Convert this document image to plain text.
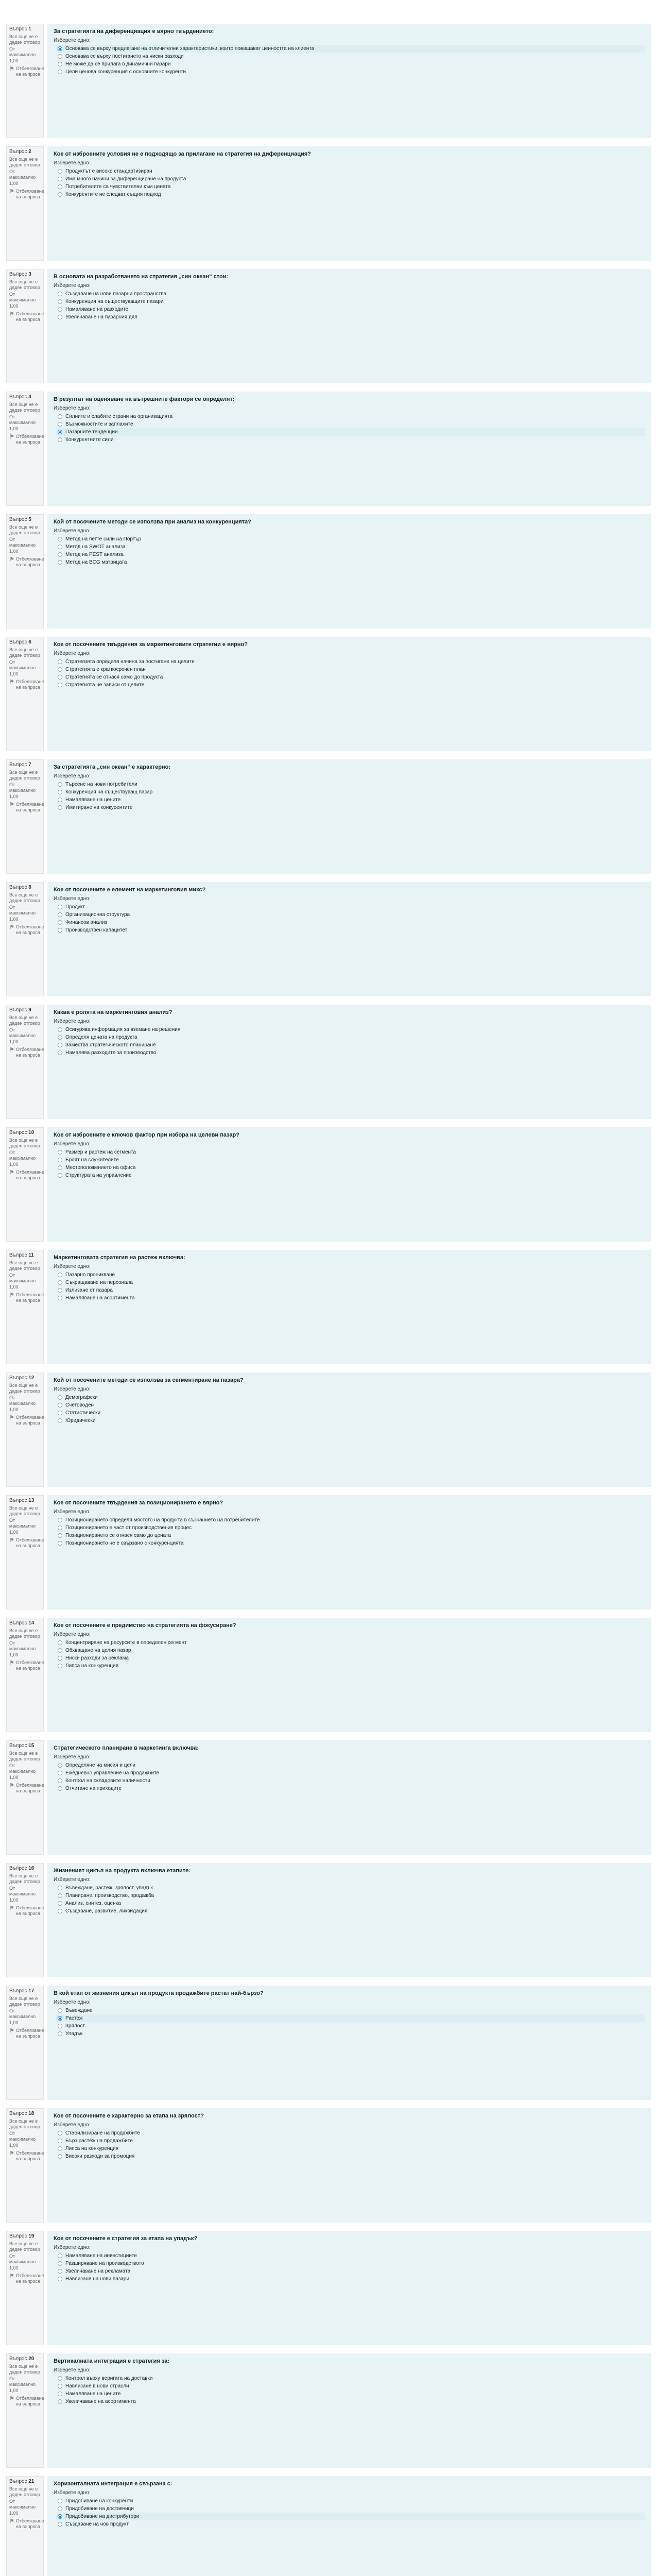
Въпрос 1
Все още не е даден отговор
От максимално 1,00
⚑ Отбелязване на въпроса
За стратегията на диференциация е вярно твърдението:
Изберете едно:
Основава се върху предлагане на отличителни характеристики, които повишават ценността на клиента
Основава се върху постигането на ниски разходи
Не може да се прилага в динамични пазари
Цели ценова конкуренция с основните конкуренти
Въпрос 2
Все още не е даден отговор
От максимално 1,00
⚑ Отбелязване на въпроса
Кое от изброените условия не е подходящо за прилагане на стратегия на диференциация?
Изберете едно:
Продуктът е високо стандартизиран
Има много начини за диференциране на продукта
Потребителите са чувствителни към цената
Конкурентите не следват същия подход
Въпрос 3
Все още не е даден отговор
От максимално 1,00
⚑ Отбелязване на въпроса
В основата на разработването на стратегия „син океан“ стои:
Изберете едно:
Създаване на нови пазарни пространства
Конкуренция на съществуващите пазари
Намаляване на разходите
Увеличаване на пазарния дял
Въпрос 4
Все още не е даден отговор
От максимално 1,00
⚑ Отбелязване на въпроса
В резултат на оценяване на вътрешните фактори се определят:
Изберете едно:
Силните и слабите страни на организацията
Възможностите и заплахите
Пазарните тенденции
Конкурентните сили
Въпрос 5
Все още не е даден отговор
От максимално 1,00
⚑ Отбелязване на въпроса
Кой от посочените методи се използва при анализ на конкуренцията?
Изберете едно:
Метод на петте сили на Портър
Метод на SWOT анализа
Метод на PEST анализа
Метод на BCG матрицата
Въпрос 6
Все още не е даден отговор
От максимално 1,00
⚑ Отбелязване на въпроса
Кое от посочените твърдения за маркетинговите стратегии е вярно?
Изберете едно:
Стратегията определя начина за постигане на целите
Стратегията е краткосрочен план
Стратегията се отнася само до продукта
Стратегията не зависи от целите
Въпрос 7
Все още не е даден отговор
От максимално 1,00
⚑ Отбелязване на въпроса
За стратегията „син океан“ е характерно:
Изберете едно:
Търсене на нови потребители
Конкуренция на съществуващ пазар
Намаляване на цените
Имитиране на конкурентите
Въпрос 8
Все още не е даден отговор
От максимално 1,00
⚑ Отбелязване на въпроса
Кое от посочените е елемент на маркетинговия микс?
Изберете едно:
Продукт
Организационна структура
Финансов анализ
Производствен капацитет
Въпрос 9
Все още не е даден отговор
От максимално 1,00
⚑ Отбелязване на въпроса
Каква е ролята на маркетинговия анализ?
Изберете едно:
Осигурява информация за вземане на решения
Определя цената на продукта
Замества стратегическото планиране
Намалява разходите за производство
Въпрос 10
Все още не е даден отговор
От максимално 1,00
⚑ Отбелязване на въпроса
Кое от изброените е ключов фактор при избора на целеви пазар?
Изберете едно:
Размер и растеж на сегмента
Броят на служителите
Местоположението на офиса
Структурата на управление
Въпрос 11
Все още не е даден отговор
От максимално 1,00
⚑ Отбелязване на въпроса
Маркетинговата стратегия на растеж включва:
Изберете едно:
Пазарно проникване
Съкращаване на персонала
Излизане от пазара
Намаляване на асортимента
Въпрос 12
Все още не е даден отговор
От максимално 1,00
⚑ Отбелязване на въпроса
Кой от посочените методи се използва за сегментиране на пазара?
Изберете едно:
Демографски
Счетоводен
Статистически
Юридически
Въпрос 13
Все още не е даден отговор
От максимално 1,00
⚑ Отбелязване на въпроса
Кое от посочените твърдения за позиционирането е вярно?
Изберете едно:
Позиционирането определя мястото на продукта в съзнанието на потребителите
Позиционирането е част от производствения процес
Позиционирането се отнася само до цената
Позиционирането не е свързано с конкуренцията
Въпрос 14
Все още не е даден отговор
От максимално 1,00
⚑ Отбелязване на въпроса
Кое от посочените е предимство на стратегията на фокусиране?
Изберете едно:
Концентриране на ресурсите в определен сегмент
Обхващане на целия пазар
Ниски разходи за реклама
Липса на конкуренция
Въпрос 15
Все още не е даден отговор
От максимално 1,00
⚑ Отбелязване на въпроса
Стратегическото планиране в маркетинга включва:
Изберете едно:
Определяне на мисия и цели
Ежедневно управление на продажбите
Контрол на складовите наличности
Отчитане на приходите
Въпрос 16
Все още не е даден отговор
От максимално 1,00
⚑ Отбелязване на въпроса
Жизненият цикъл на продукта включва етапите:
Изберете едно:
Въвеждане, растеж, зрялост, упадък
Планиране, производство, продажба
Анализ, синтез, оценка
Създаване, развитие, ликвидация
Въпрос 17
Все още не е даден отговор
От максимално 1,00
⚑ Отбелязване на въпроса
В кой етап от жизнения цикъл на продукта продажбите растат най-бързо?
Изберете едно:
Въвеждане
Растеж
Зрялост
Упадък
Въпрос 18
Все още не е даден отговор
От максимално 1,00
⚑ Отбелязване на въпроса
Кое от посочените е характерно за етапа на зрялост?
Изберете едно:
Стабилизиране на продажбите
Бърз растеж на продажбите
Липса на конкуренция
Високи разходи за промоция
Въпрос 19
Все още не е даден отговор
От максимално 1,00
⚑ Отбелязване на въпроса
Кое от посочените е стратегия за етапа на упадък?
Изберете едно:
Намаляване на инвестициите
Разширяване на производството
Увеличаване на рекламата
Навлизане на нови пазари
Въпрос 20
Все още не е даден отговор
От максимално 1,00
⚑ Отбелязване на въпроса
Вертикалната интеграция е стратегия за:
Изберете едно:
Контрол върху веригата на доставки
Навлизане в нови отрасли
Намаляване на цените
Увеличаване на асортимента
Въпрос 21
Все още не е даден отговор
От максимално 1,00
⚑ Отбелязване на въпроса
Хоризонталната интеграция е свързана с:
Изберете едно:
Придобиване на конкуренти
Придобиване на доставчици
Придобиване на дистрибутори
Създаване на нов продукт
